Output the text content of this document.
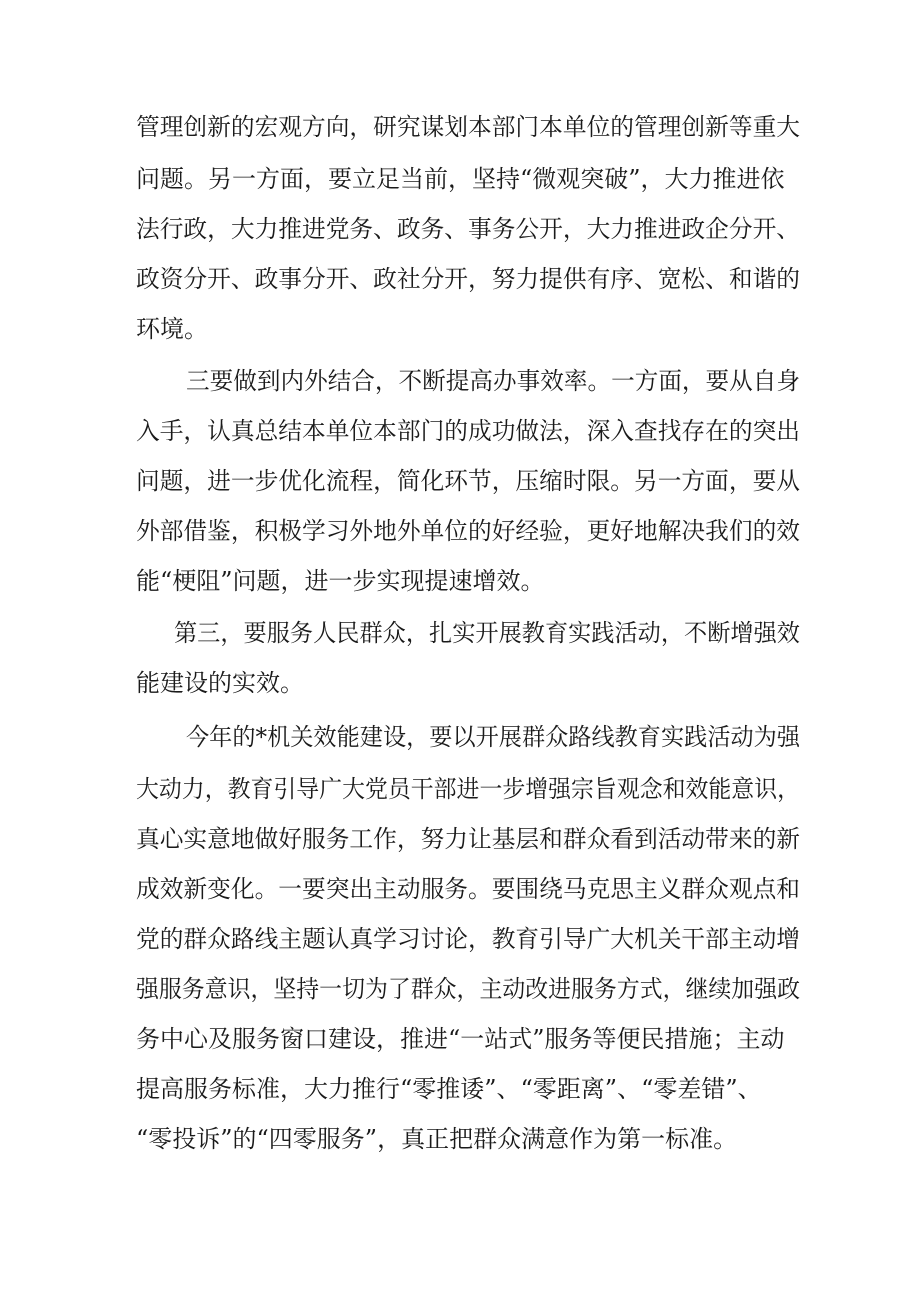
管理创新的宏观方向，研究谋划本部门本单位的管理创新等重大
问题。另一方面，要立足当前，坚持“微观突破”，大力推进依
法行政，大力推进党务、政务、事务公开，大力推进政企分开、
政资分开、政事分开、政社分开，努力提供有序、宽松、和谐的
环境。
三要做到内外结合，不断提高办事效率。一方面，要从自身
入手，认真总结本单位本部门的成功做法，深入查找存在的突出
问题，进一步优化流程，简化环节，压缩时限。另一方面，要从
外部借鉴，积极学习外地外单位的好经验，更好地解决我们的效
能“梗阻”问题，进一步实现提速增效。
第三，要服务人民群众，扎实开展教育实践活动，不断增强效
能建设的实效。
今年的*机关效能建设，要以开展群众路线教育实践活动为强
大动力，教育引导广大党员干部进一步增强宗旨观念和效能意识，
真心实意地做好服务工作，努力让基层和群众看到活动带来的新
成效新变化。一要突出主动服务。要围绕马克思主义群众观点和
党的群众路线主题认真学习讨论，教育引导广大机关干部主动增
强服务意识，坚持一切为了群众，主动改进服务方式，继续加强政
务中心及服务窗口建设，推进“一站式”服务等便民措施；主动
提高服务标准，大力推行“零推诿”、“零距离”、“零差错”、
“零投诉”的“四零服务”，真正把群众满意作为第一标准。
